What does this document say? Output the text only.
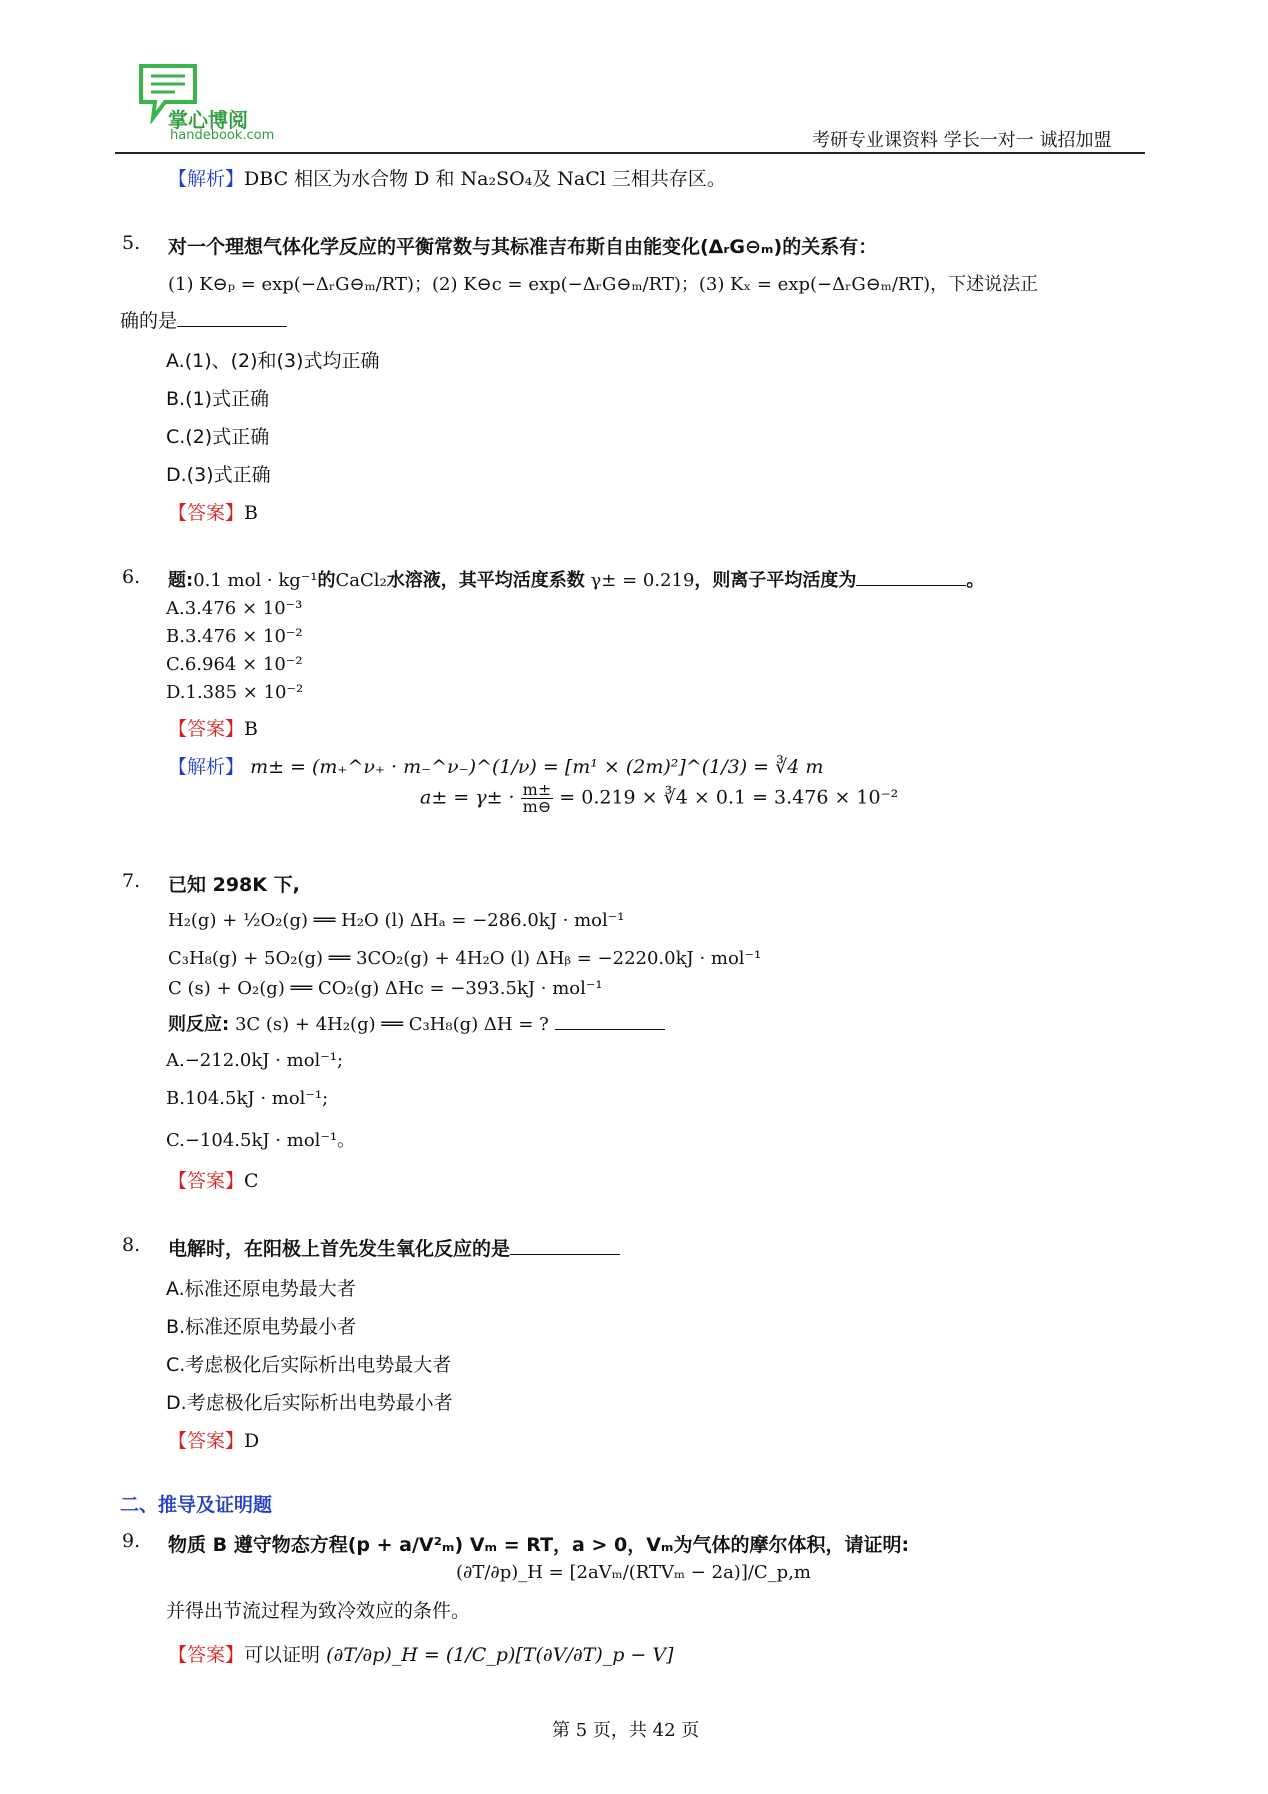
掌心博阅
handebook.com	考研专业课资料 学长一对一 诚招加盟
【解析】DBC 相区为水合物 D 和 Na₂SO₄及 NaCl 三相共存区。
5. 对一个理想气体化学反应的平衡常数与其标准吉布斯自由能变化(ΔᵣG⊖ₘ)的关系有：
(1) K⊖ₚ = exp(−ΔᵣG⊖ₘ/RT)；(2) K⊖c = exp(−ΔᵣG⊖ₘ/RT)；(3) Kₓ = exp(−ΔᵣG⊖ₘ/RT)，下述说法正
确的是
A.(1)、(2)和(3)式均正确
B.(1)式正确
C.(2)式正确
D.(3)式正确
【答案】B
6. 题:0.1 mol · kg⁻¹的CaCl₂水溶液，其平均活度系数 γ± = 0.219，则离子平均活度为	。
A.3.476 × 10⁻³
B.3.476 × 10⁻²
C.6.964 × 10⁻²
D.1.385 × 10⁻²
【答案】B
【解析】 m± = (m₊^ν₊ · m₋^ν₋)^(1/ν) = [m¹ × (2m)²]^(1/3) = ∛4 m
$a\pm = \gamma\pm \cdot \frac{m\pm}{m⊖} = 0.219$ × ∛4 × 0.1 = 3.476 × 10⁻²
7. 已知 298K 下,
H₂(g) + ½O₂(g) ══ H₂O (l) ΔHₐ = −286.0kJ · mol⁻¹
C₃H₈(g) + 5O₂(g) ══ 3CO₂(g) + 4H₂O (l) ΔHᵦ = −2220.0kJ · mol⁻¹
C (s) + O₂(g) ══ CO₂(g) ΔHc = −393.5kJ · mol⁻¹
则反应: 3C (s) + 4H₂(g) ══ C₃H₈(g) ΔH = ?
A.−212.0kJ · mol⁻¹;
B.104.5kJ · mol⁻¹;
C.−104.5kJ · mol⁻¹。
【答案】C
8. 电解时，在阳极上首先发生氧化反应的是
A.标准还原电势最大者
B.标准还原电势最小者
C.考虑极化后实际析出电势最大者
D.考虑极化后实际析出电势最小者
【答案】D
二、推导及证明题
9. 物质 B 遵守物态方程(p + a/V²ₘ) Vₘ = RT，a > 0，Vₘ为气体的摩尔体积，请证明:
(∂T/∂p)_H = [2aVₘ/(RTVₘ − 2a)]/C_p,m
并得出节流过程为致冷效应的条件。
【答案】可以证明 (∂T/∂p)_H = (1/C_p)[T(∂V/∂T)_p − V]
第 5 页，共 42 页
